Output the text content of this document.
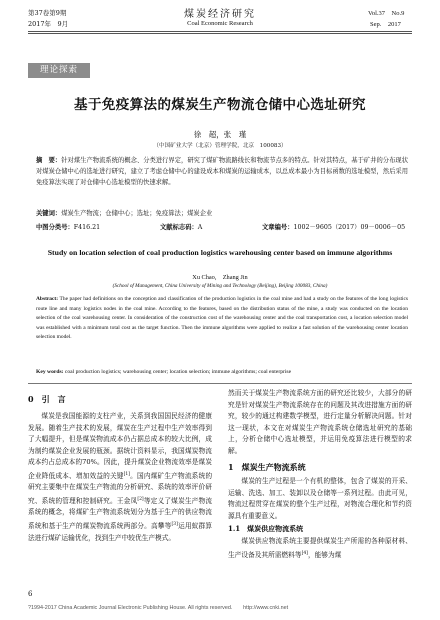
第37卷第9期
2017年　9月
煤炭经济研究
Coal Economic Research
Vol.37　No.9
Sep.　2017
理论探索
基于免疫算法的煤炭生产物流仓储中心选址研究
徐　超，张　瑾
（中国矿业大学（北京）管理学院，北京　100083）
摘　要：针对煤生产物流系统的概念、分类进行界定，研究了煤矿物流路线长和物流节点多的特点。针对其特点，基于矿井的分布现状对煤炭仓储中心的选址进行研究，建立了考虑仓储中心的建设成本和煤炭的运输成本，以总成本最小为目标函数的选址模型，然后采用免疫算法实现了对仓储中心选址模型的快速求解。
关键词：煤炭生产物流；仓储中心；选址；免疫算法；煤炭企业
中图分类号：F416.21	文献标志码：A	文章编号：1002－9605（2017）09－0006－05
Study on location selection of coal production logistics warehousing center based on immune algorithms
Xu Chao,　Zhang Jin
(School of Management, China University of Mining and Technology (Beijing), Beijing 100083, China)
Abstract: The paper had definitions on the conception and classification of the production logistics in the coal mine and had a study on the features of the long logistics route line and many logistics nodes in the coal mine. According to the features, based on the distribution status of the mine, a study was conducted on the location selection of the coal warehousing center. In consideration of the construction cost of the warehousing center and the coal transportation cost, a location selection model was established with a minimum total cost as the target function. Then the immune algorithms were applied to realize a fast solution of the warehousing center location selection model.
Key words: coal production logistics; warehousing center; location selection; immune algorithms; coal enterprise
0　引　言

煤炭是我国能源的支柱产业，关系到我国国民经济的健康发展。随着生产技术的发展，煤炭在生产过程中生产效率得到了大幅提升，但是煤炭物流成本仍占据总成本的较大比例，成为制约煤炭企业发展的瓶颈。据统计资料显示，我国煤炭物流成本约占总成本的70%。因此，提升煤炭企业物流效率是煤炭企业降低成本、增加效益的关键[1]。国内煤矿生产物流系统的研究主要集中在煤炭生产物流的分析研究、系统的效率评价研究、系统的管理和控制研究。王金凤[2]等定义了煤炭生产物流系统的概念，将煤矿生产物流系统划分为基于生产的供应物流系统和基于生产的煤炭物流系统两部分。高攀等[3]运用蚁群算法进行煤矿运输优化，找到生产中较优生产模式。

然而关于煤炭生产物流系统方面的研究还比较少，大部分的研究是针对煤炭生产物流系统存在的问题及其改进措施方面的研究，较少的通过构建数学模型，进行定量分析解决问题。针对这一现状，本文在对煤炭生产物流系统仓储选址研究的基础上，分析仓储中心选址模型，并运用免疫算法进行模型的求解。

1　煤炭生产物流系统

煤炭的生产过程是一个有机的整体，包含了煤炭的开采、运输、洗选、加工、装卸以及仓储等一系列过程。由此可见，物流过程贯穿在煤炭的整个生产过程，对物流合理化和节约资源具有重要意义。

1.1　煤炭供应物流系统

煤炭供应物流系统主要提供煤炭生产所需的各种原材料、生产设备及其所需燃料等[4]，能够为煤

6
?1994-2017 China Academic Journal Electronic Publishing House. All rights reserved.　　http://www.cnki.net
